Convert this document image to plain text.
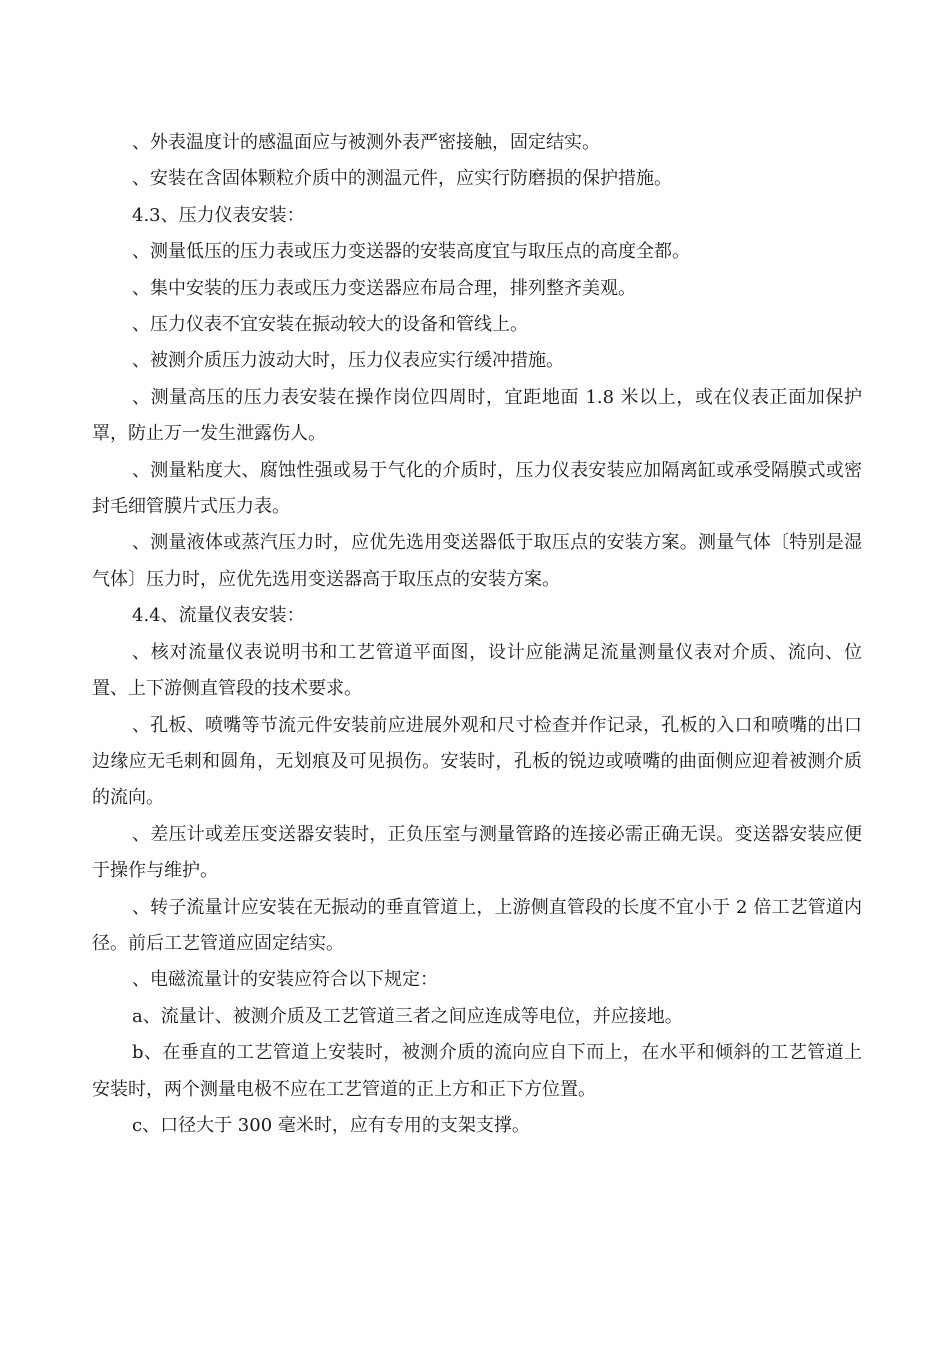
、外表温度计的感温面应与被测外表严密接触，固定结实。

、安装在含固体颗粒介质中的测温元件，应实行防磨损的保护措施。

4.3、压力仪表安装：

、测量低压的压力表或压力变送器的安装高度宜与取压点的高度全都。

、集中安装的压力表或压力变送器应布局合理，排列整齐美观。

、压力仪表不宜安装在振动较大的设备和管线上。

、被测介质压力波动大时，压力仪表应实行缓冲措施。

、测量高压的压力表安装在操作岗位四周时，宜距地面 1.8 米以上，或在仪表正面加保护罩，防止万一发生泄露伤人。

、测量粘度大、腐蚀性强或易于气化的介质时，压力仪表安装应加隔离缸或承受隔膜式或密封毛细管膜片式压力表。

、测量液体或蒸汽压力时，应优先选用变送器低于取压点的安装方案。测量气体〔特别是湿气体〕压力时，应优先选用变送器高于取压点的安装方案。

4.4、流量仪表安装：

、核对流量仪表说明书和工艺管道平面图，设计应能满足流量测量仪表对介质、流向、位置、上下游侧直管段的技术要求。

、孔板、喷嘴等节流元件安装前应进展外观和尺寸检查并作记录，孔板的入口和喷嘴的出口边缘应无毛刺和圆角，无划痕及可见损伤。安装时，孔板的锐边或喷嘴的曲面侧应迎着被测介质的流向。

、差压计或差压变送器安装时，正负压室与测量管路的连接必需正确无误。变送器安装应便于操作与维护。

、转子流量计应安装在无振动的垂直管道上，上游侧直管段的长度不宜小于 2 倍工艺管道内径。前后工艺管道应固定结实。

、电磁流量计的安装应符合以下规定：

a、流量计、被测介质及工艺管道三者之间应连成等电位，并应接地。

b、在垂直的工艺管道上安装时，被测介质的流向应自下而上，在水平和倾斜的工艺管道上安装时，两个测量电极不应在工艺管道的正上方和正下方位置。

c、口径大于 300 毫米时，应有专用的支架支撑。
